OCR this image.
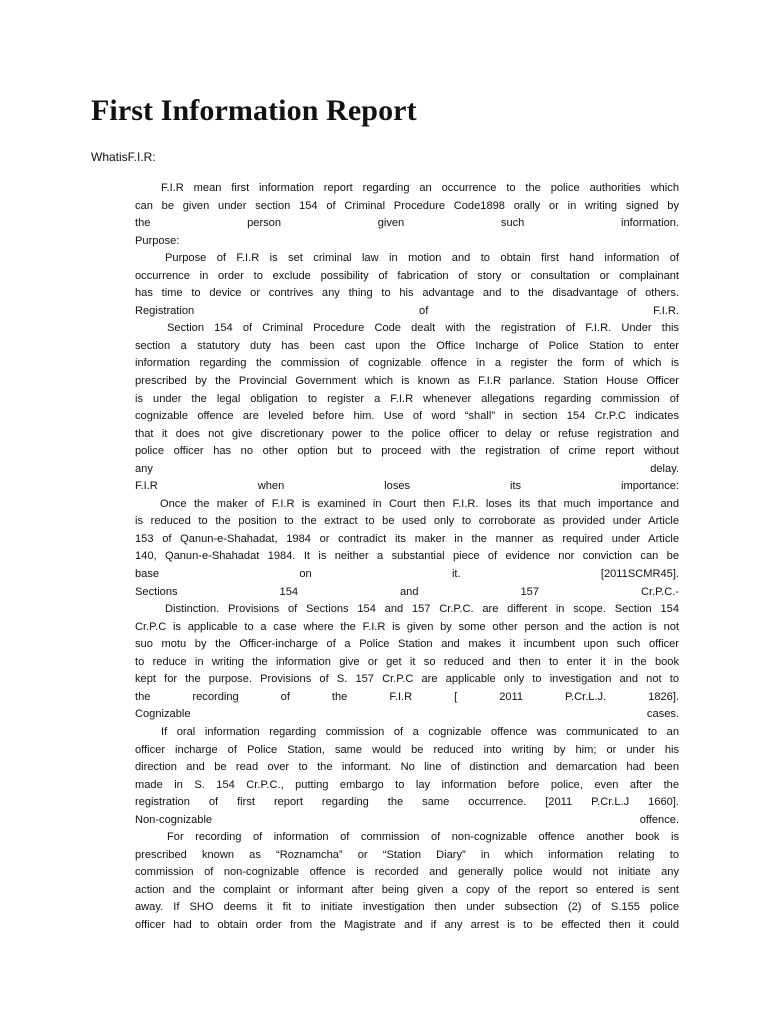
First Information Report

WhatisF.I.R:

F.I.R mean first information report regarding an occurrence to the police authorities which
can be given under section 154 of Criminal Procedure Code1898 orally or in writing signed by
the person given such information.
Purpose:
Purpose of F.I.R is set criminal law in motion and to obtain first hand information of
occurrence in order to exclude possibility of fabrication of story or consultation or complainant
has time to device or contrives any thing to his advantage and to the disadvantage of others.
Registration of F.I.R.
Section 154 of Criminal Procedure Code dealt with the registration of F.I.R. Under this
section a statutory duty has been cast upon the Office Incharge of Police Station to enter
information regarding the commission of cognizable offence in a register the form of which is
prescribed by the Provincial Government which is known as F.I.R parlance. Station House Officer
is under the legal obligation to register a F.I.R whenever allegations regarding commission of
cognizable offence are leveled before him. Use of word “shall” in section 154 Cr.P.C indicates
that it does not give discretionary power to the police officer to delay or refuse registration and
police officer has no other option but to proceed with the registration of crime report without
any delay.
F.I.R when loses its importance:
Once the maker of F.I.R is examined in Court then F.I.R. loses its that much importance and
is reduced to the position to the extract to be used only to corroborate as provided under Article
153 of Qanun-e-Shahadat, 1984 or contradict its maker in the manner as required under Article
140, Qanun-e-Shahadat 1984. It is neither a substantial piece of evidence nor conviction can be
base on it. [2011SCMR45].
Sections 154 and 157 Cr.P.C.-
Distinction. Provisions of Sections 154 and 157 Cr.P.C. are different in scope. Section 154
Cr.P.C is applicable to a case where the F.I.R is given by some other person and the action is not
suo motu by the Officer-incharge of a Police Station and makes it incumbent upon such officer
to reduce in writing the information give or get it so reduced and then to enter it in the book
kept for the purpose. Provisions of S. 157 Cr.P.C are applicable only to investigation and not to
the recording of the F.I.R [ 2011 P.Cr.L.J. 1826].
Cognizable cases.
If oral information regarding commission of a cognizable offence was communicated to an
officer incharge of Police Station, same would be reduced into writing by him; or under his
direction and be read over to the informant. No line of distinction and demarcation had been
made in S. 154 Cr.P.C., putting embargo to lay information before police, even after the
registration of first report regarding the same occurrence. [2011 P.Cr.L.J 1660].
Non-cognizable offence.
For recording of information of commission of non-cognizable offence another book is
prescribed known as “Roznamcha” or “Station Diary” in which information relating to
commission of non-cognizable offence is recorded and generally police would not initiate any
action and the complaint or informant after being given a copy of the report so entered is sent
away. If SHO deems it fit to initiate investigation then under subsection (2) of S.155 police
officer had to obtain order from the Magistrate and if any arrest is to be effected then it could
